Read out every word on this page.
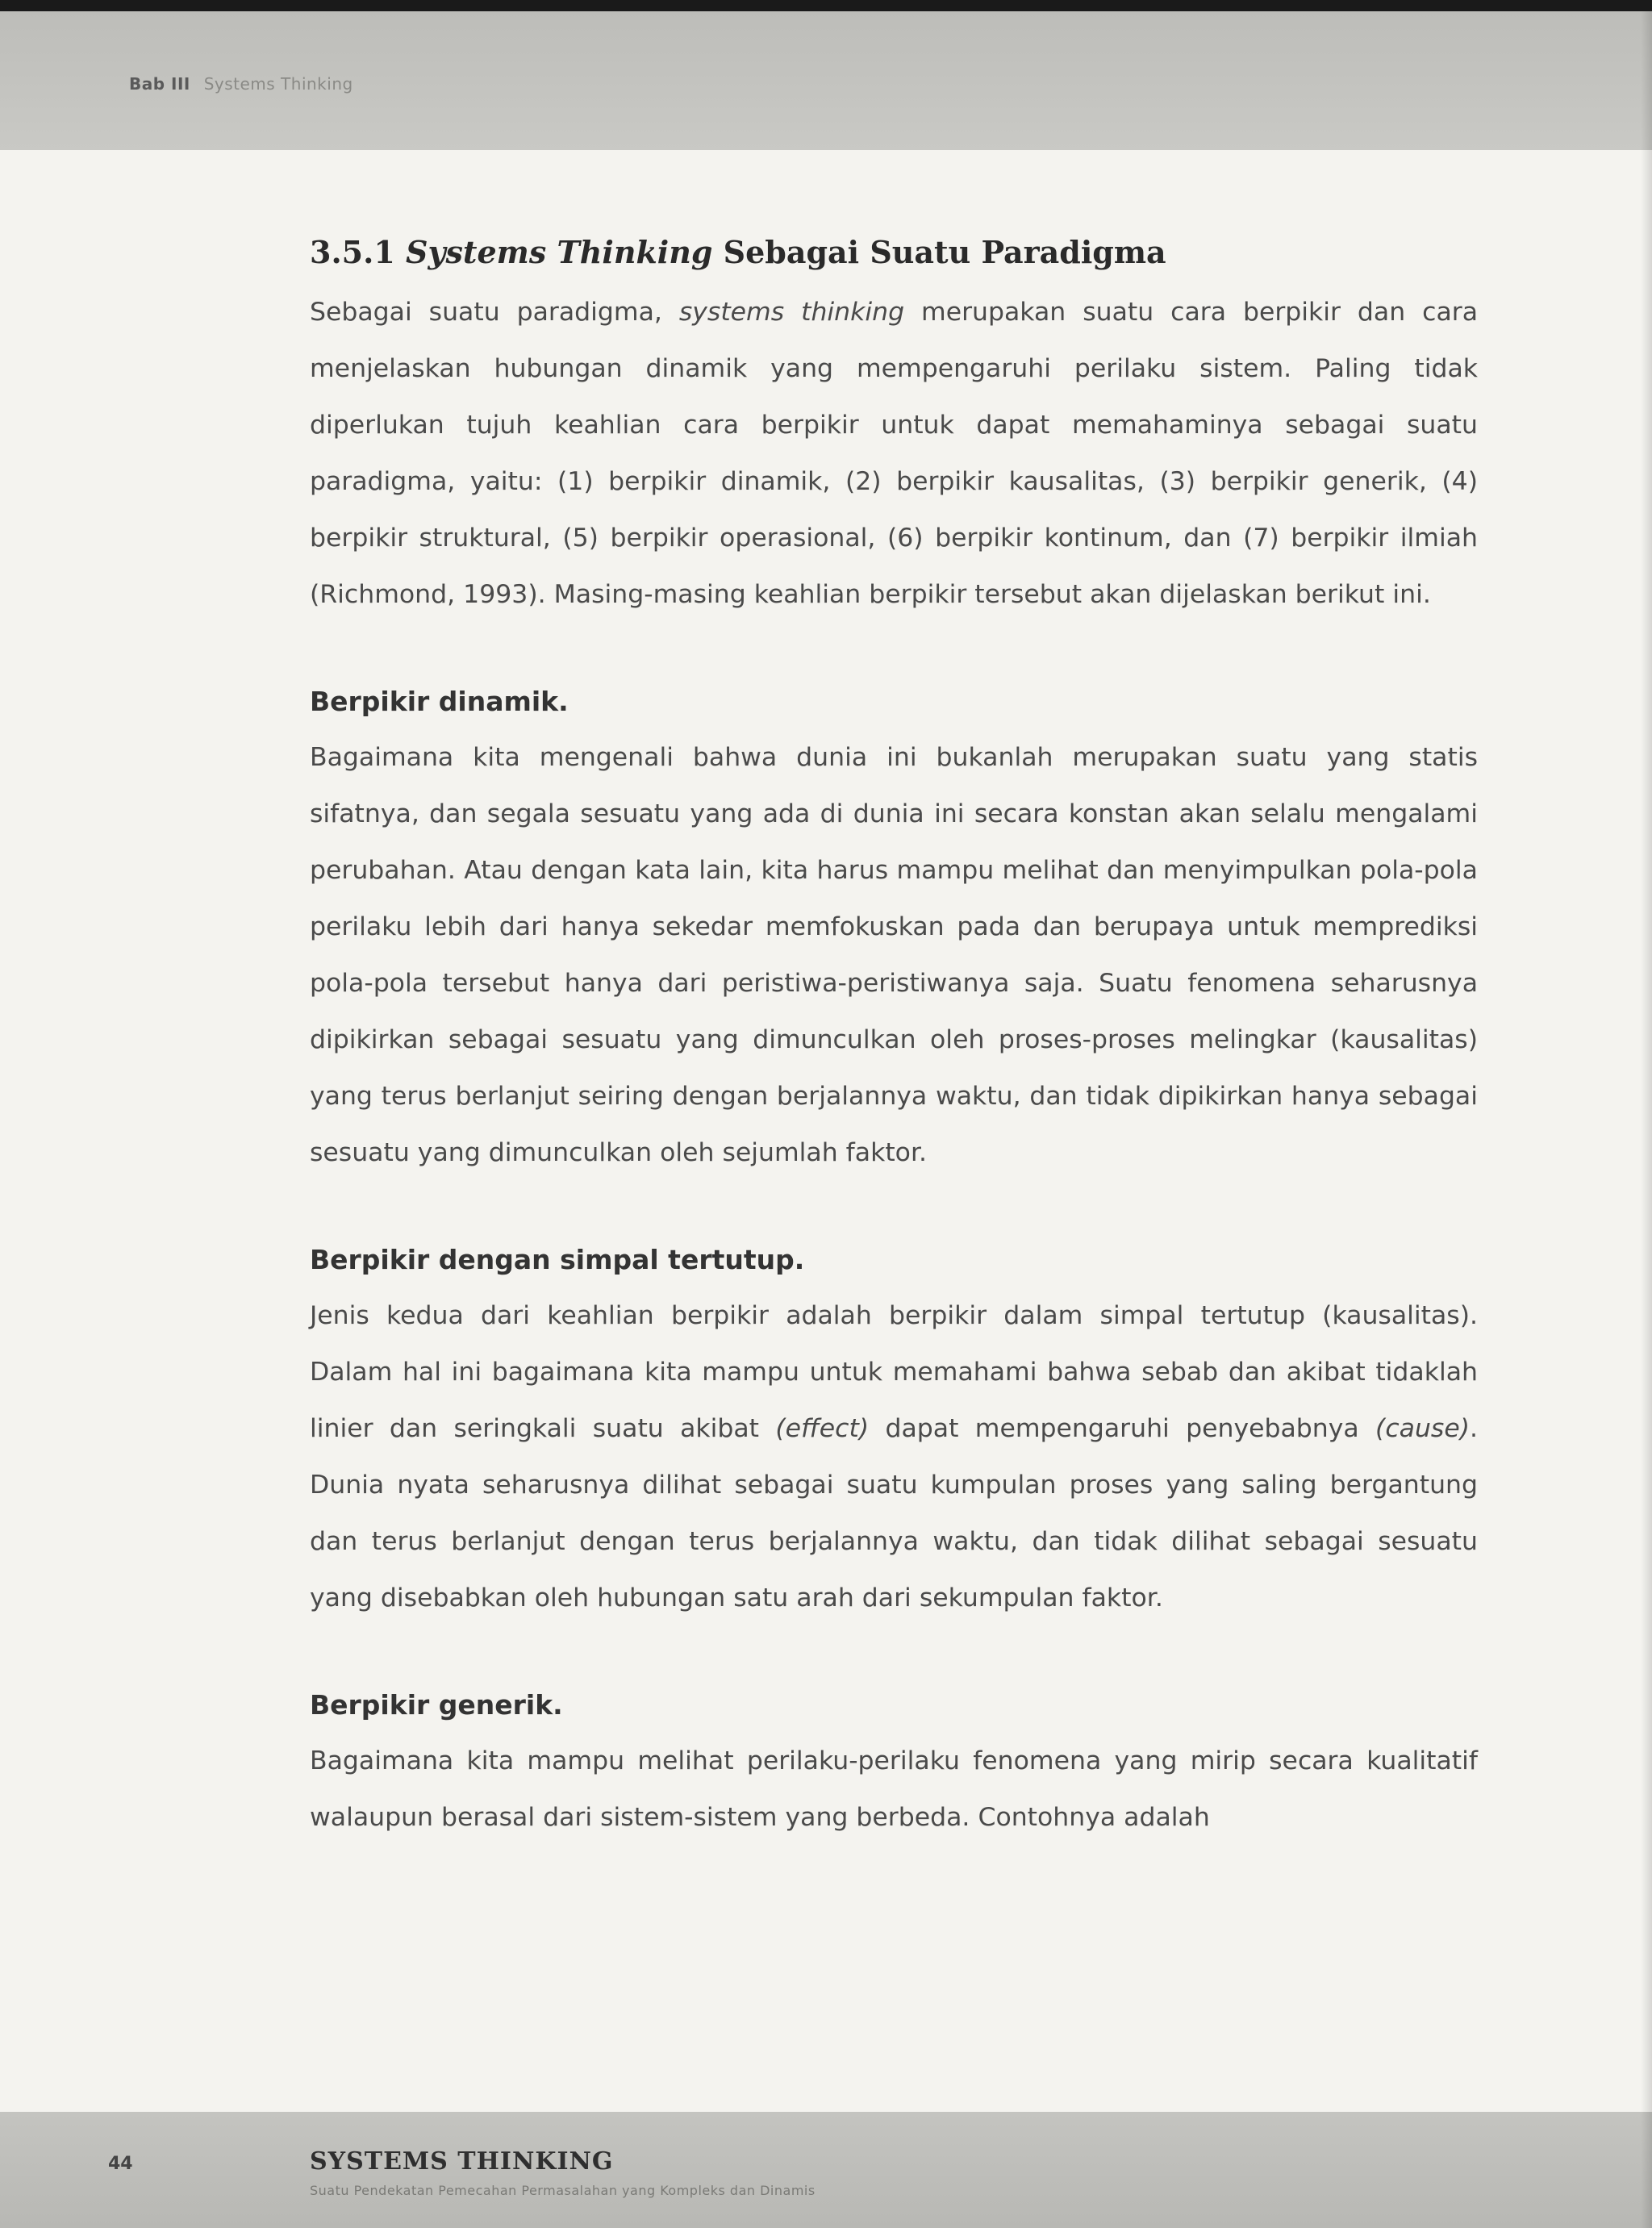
Bab III Systems Thinking
3.5.1 Systems Thinking Sebagai Suatu Paradigma

Sebagai suatu paradigma, systems thinking merupakan suatu cara berpikir dan cara menjelaskan hubungan dinamik yang mempengaruhi perilaku sistem. Paling tidak diperlukan tujuh keahlian cara berpikir untuk dapat memahaminya sebagai suatu paradigma, yaitu: (1) berpikir dinamik, (2) berpikir kausalitas, (3) berpikir generik, (4) berpikir struktural, (5) berpikir operasional, (6) berpikir kontinum, dan (7) berpikir ilmiah (Richmond, 1993). Masing-masing keahlian berpikir tersebut akan dijelaskan berikut ini.

Berpikir dinamik.

Bagaimana kita mengenali bahwa dunia ini bukanlah merupakan suatu yang statis sifatnya, dan segala sesuatu yang ada di dunia ini secara konstan akan selalu mengalami perubahan. Atau dengan kata lain, kita harus mampu melihat dan menyimpulkan pola-pola perilaku lebih dari hanya sekedar memfokuskan pada dan berupaya untuk memprediksi pola-pola tersebut hanya dari peristiwa-peristiwanya saja. Suatu fenomena seharusnya dipikirkan sebagai sesuatu yang dimunculkan oleh proses-proses melingkar (kausalitas) yang terus berlanjut seiring dengan berjalannya waktu, dan tidak dipikirkan hanya sebagai sesuatu yang dimunculkan oleh sejumlah faktor.

Berpikir dengan simpal tertutup.

Jenis kedua dari keahlian berpikir adalah berpikir dalam simpal tertutup (kausalitas). Dalam hal ini bagaimana kita mampu untuk memahami bahwa sebab dan akibat tidaklah linier dan seringkali suatu akibat (effect) dapat mempengaruhi penyebabnya (cause). Dunia nyata seharusnya dilihat sebagai suatu kumpulan proses yang saling bergantung dan terus berlanjut dengan terus berjalannya waktu, dan tidak dilihat sebagai sesuatu yang disebabkan oleh hubungan satu arah dari sekumpulan faktor.

Berpikir generik.

Bagaimana kita mampu melihat perilaku-perilaku fenomena yang mirip secara kualitatif walaupun berasal dari sistem-sistem yang berbeda. Contohnya adalah

44	SYSTEMS THINKING
Suatu Pendekatan Pemecahan Permasalahan yang Kompleks dan Dinamis
